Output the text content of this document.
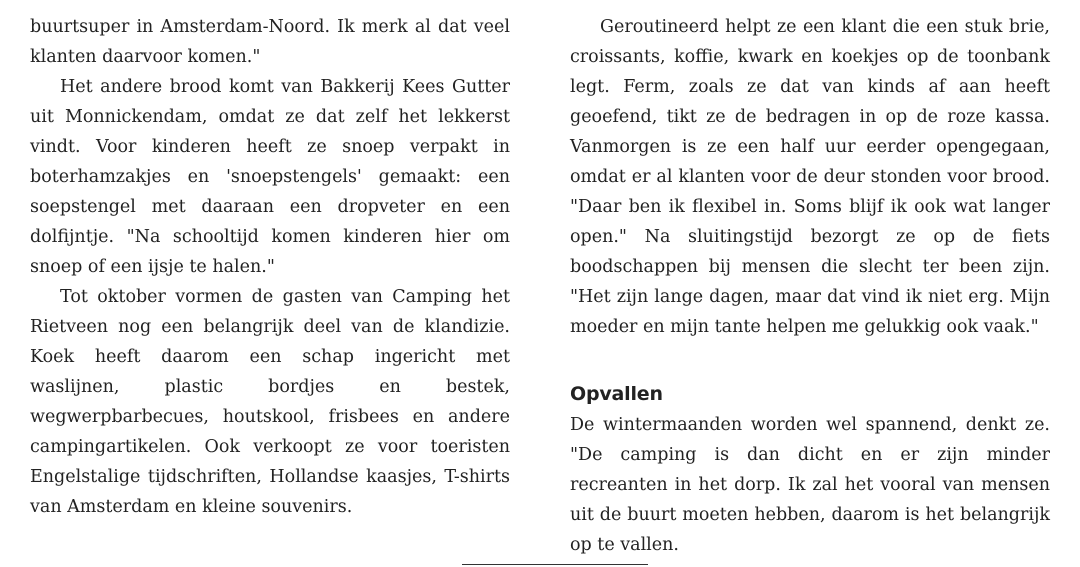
buurtsuper in Amsterdam-Noord. Ik merk al dat veel klanten daarvoor komen."

Het andere brood komt van Bakkerij Kees Gutter uit Monnickendam, omdat ze dat zelf het lekkerst vindt. Voor kinderen heeft ze snoep verpakt in boterhamzakjes en 'snoepstengels' gemaakt: een soepstengel met daaraan een dropveter en een dolfijntje. "Na schooltijd komen kinderen hier om snoep of een ijsje te halen."

Tot oktober vormen de gasten van Camping het Rietveen nog een belangrijk deel van de klandizie. Koek heeft daarom een schap ingericht met waslijnen, plastic bordjes en bestek, wegwerpbarbecues, houtskool, frisbees en andere campingartikelen. Ook verkoopt ze voor toeristen Engelstalige tijdschriften, Hollandse kaasjes, T-shirts van Amsterdam en kleine souvenirs.

Geroutineerd helpt ze een klant die een stuk brie, croissants, koffie, kwark en koekjes op de toonbank legt. Ferm, zoals ze dat van kinds af aan heeft geoefend, tikt ze de bedragen in op de roze kassa. Vanmorgen is ze een half uur eerder opengegaan, omdat er al klanten voor de deur stonden voor brood. "Daar ben ik flexibel in. Soms blijf ik ook wat langer open." Na sluitingstijd bezorgt ze op de fiets boodschappen bij mensen die slecht ter been zijn. "Het zijn lange dagen, maar dat vind ik niet erg. Mijn moeder en mijn tante helpen me gelukkig ook vaak."

Opvallen

De wintermaanden worden wel spannend, denkt ze. "De camping is dan dicht en er zijn minder recreanten in het dorp. Ik zal het vooral van mensen uit de buurt moeten hebben, daarom is het belangrijk op te vallen.
